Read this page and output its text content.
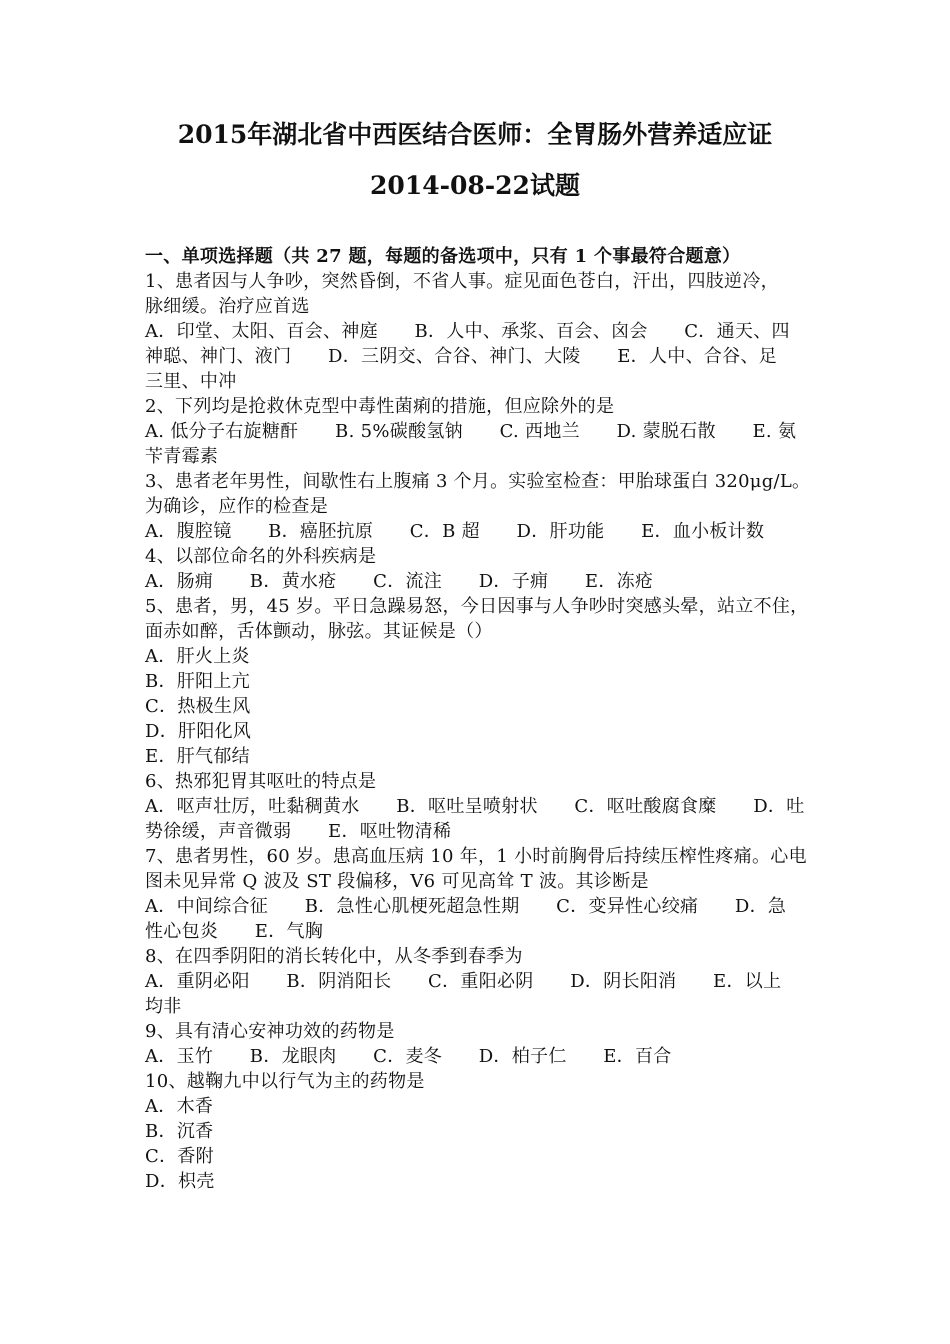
2015年湖北省中西医结合医师：全胃肠外营养适应证
2014-08-22试题
一、单项选择题（共 27 题，每题的备选项中，只有 1 个事最符合题意）
1、患者因与人争吵，突然昏倒，不省人事。症见面色苍白，汗出，四肢逆冷，
脉细缓。治疗应首选
A．印堂、太阳、百会、神庭　　B．人中、承浆、百会、囟会　　C．通天、四
神聪、神门、液门　　D．三阴交、合谷、神门、大陵　　E．人中、合谷、足
三里、中冲
2、下列均是抢救休克型中毒性菌痢的措施，但应除外的是
A. 低分子右旋糖酐　　B. 5%碳酸氢钠　　C. 西地兰　　D. 蒙脱石散　　E. 氨
苄青霉素
3、患者老年男性，间歇性右上腹痛 3 个月。实验室检查：甲胎球蛋白 320μg/L。
为确诊，应作的检查是
A．腹腔镜　　B．癌胚抗原　　C．B 超　　D．肝功能　　E．血小板计数
4、以部位命名的外科疾病是
A．肠痈　　B．黄水疮　　C．流注　　D．子痈　　E．冻疮
5、患者，男，45 岁。平日急躁易怒，今日因事与人争吵时突感头晕，站立不住，
面赤如醉，舌体颤动，脉弦。其证候是（）
A．肝火上炎
B．肝阳上亢
C．热极生风
D．肝阳化风
E．肝气郁结
6、热邪犯胃其呕吐的特点是
A．呕声壮厉，吐黏稠黄水　　B．呕吐呈喷射状　　C．呕吐酸腐食糜　　D．吐
势徐缓，声音微弱　　E．呕吐物清稀
7、患者男性，60 岁。患高血压病 10 年，1 小时前胸骨后持续压榨性疼痛。心电
图未见异常 Q 波及 ST 段偏移，V6 可见高耸 T 波。其诊断是
A．中间综合征　　B．急性心肌梗死超急性期　　C．变异性心绞痛　　D．急
性心包炎　　E．气胸
8、在四季阴阳的消长转化中，从冬季到春季为
A．重阴必阳　　B．阴消阳长　　C．重阳必阴　　D．阴长阳消　　E．以上
均非
9、具有清心安神功效的药物是
A．玉竹　　B．龙眼肉　　C．麦冬　　D．柏子仁　　E．百合
10、越鞠九中以行气为主的药物是
A．木香
B．沉香
C．香附
D．枳壳
